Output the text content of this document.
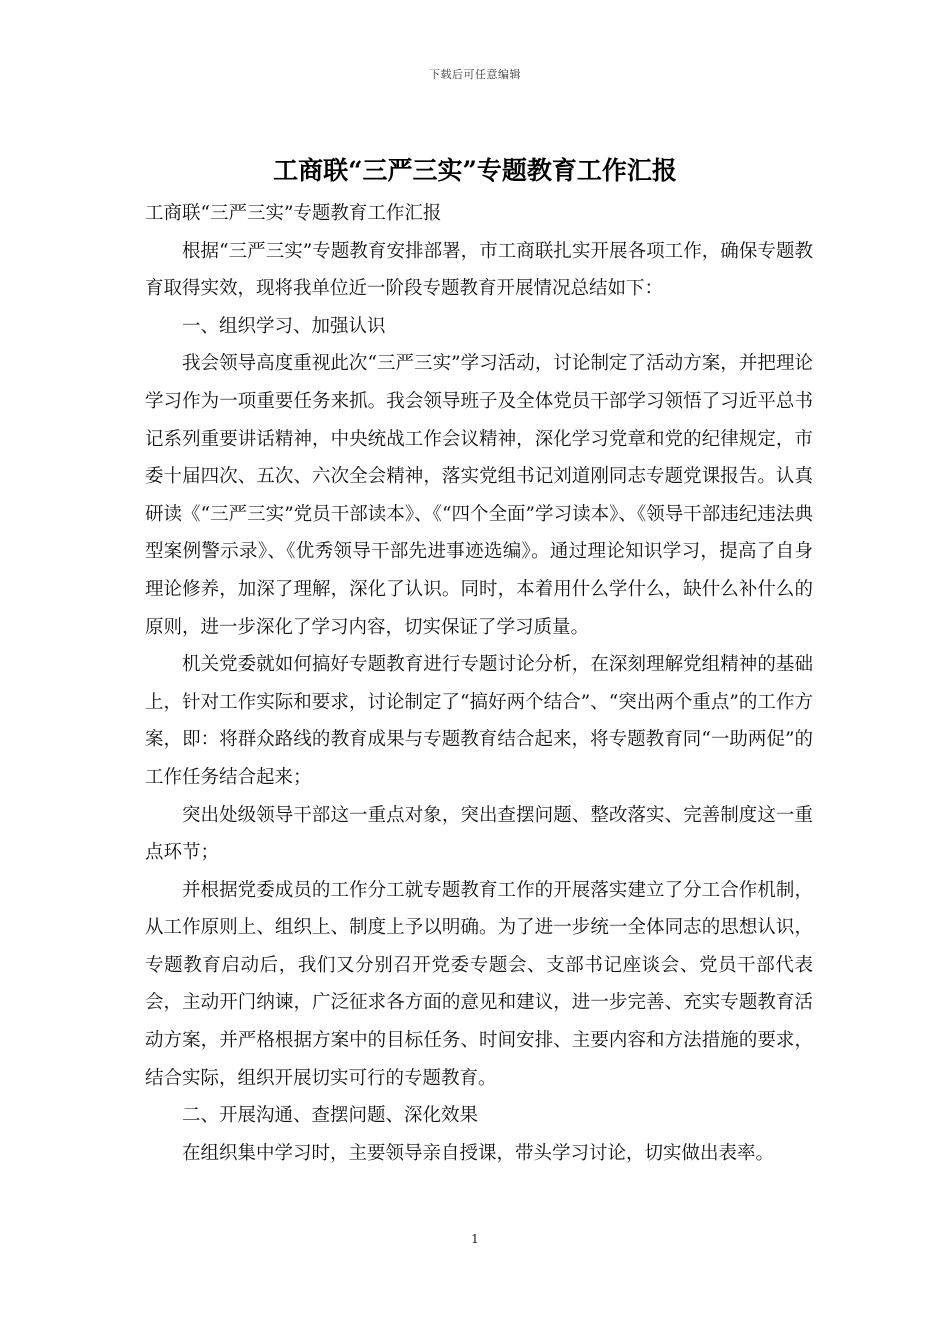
下载后可任意编辑
工商联“三严三实”专题教育工作汇报

工商联“三严三实”专题教育工作汇报

根据“三严三实”专题教育安排部署，市工商联扎实开展各项工作，确保专题教育取得实效，现将我单位近一阶段专题教育开展情况总结如下：

一、组织学习、加强认识

我会领导高度重视此次“三严三实”学习活动，讨论制定了活动方案，并把理论学习作为一项重要任务来抓。我会领导班子及全体党员干部学习领悟了习近平总书记系列重要讲话精神，中央统战工作会议精神，深化学习党章和党的纪律规定，市委十届四次、五次、六次全会精神，落实党组书记刘道刚同志专题党课报告。认真研读《“三严三实”党员干部读本》、《“四个全面”学习读本》、《领导干部违纪违法典型案例警示录》、《优秀领导干部先进事迹选编》。通过理论知识学习，提高了自身理论修养，加深了理解，深化了认识。同时，本着用什么学什么，缺什么补什么的原则，进一步深化了学习内容，切实保证了学习质量。

机关党委就如何搞好专题教育进行专题讨论分析，在深刻理解党组精神的基础上，针对工作实际和要求，讨论制定了“搞好两个结合”、“突出两个重点”的工作方案，即：将群众路线的教育成果与专题教育结合起来，将专题教育同“一助两促”的工作任务结合起来；

突出处级领导干部这一重点对象，突出查摆问题、整改落实、完善制度这一重点环节；

并根据党委成员的工作分工就专题教育工作的开展落实建立了分工合作机制，从工作原则上、组织上、制度上予以明确。为了进一步统一全体同志的思想认识，专题教育启动后，我们又分别召开党委专题会、支部书记座谈会、党员干部代表会，主动开门纳谏，广泛征求各方面的意见和建议，进一步完善、充实专题教育活动方案，并严格根据方案中的目标任务、时间安排、主要内容和方法措施的要求，结合实际，组织开展切实可行的专题教育。

二、开展沟通、查摆问题、深化效果

在组织集中学习时，主要领导亲自授课，带头学习讨论，切实做出表率。

1
